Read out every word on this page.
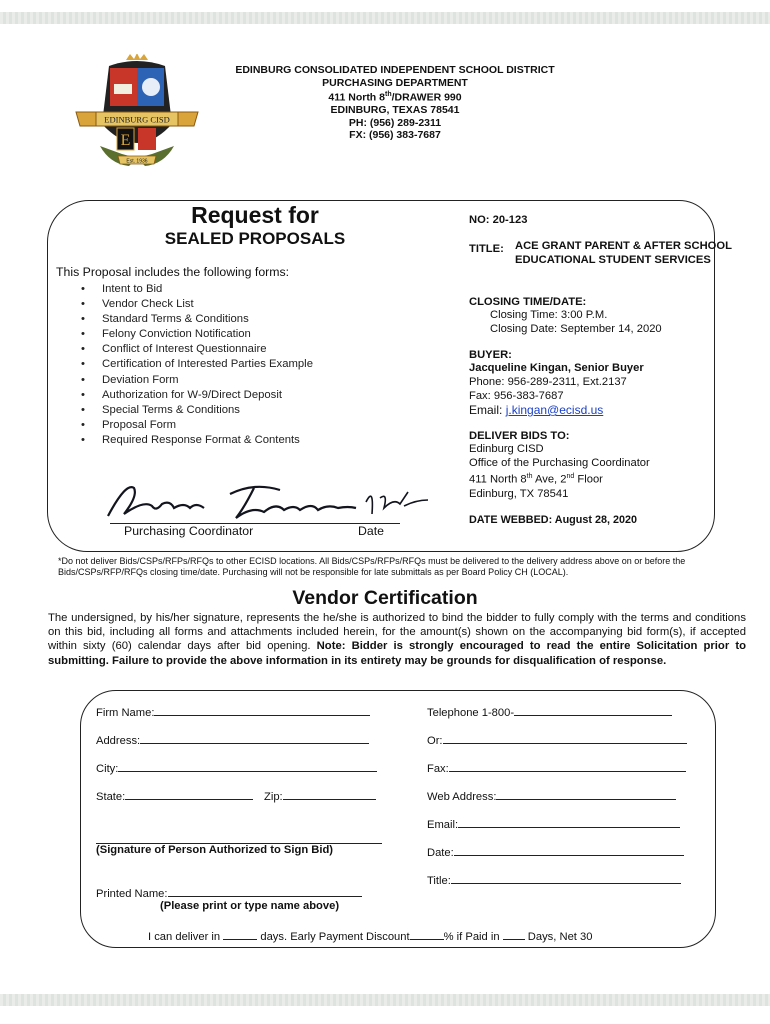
EDINBURG CISD
E
Est. 1936
EDINBURG CONSOLIDATED INDEPENDENT SCHOOL DISTRICT
PURCHASING DEPARTMENT
411 North 8th/DRAWER 990
EDINBURG, TEXAS 78541
PH: (956) 289-2311
FX: (956) 383-7687
Request for
SEALED PROPOSALS
This Proposal includes the following forms:
• Intent to Bid
• Vendor Check List
• Standard Terms & Conditions
• Felony Conviction Notification
• Conflict of Interest Questionnaire
• Certification of Interested Parties Example
• Deviation Form
• Authorization for W-9/Direct Deposit
• Special Terms & Conditions
• Proposal Form
• Required Response Format & Contents
Purchasing Coordinator	Date
NO: 20-123
TITLE: ACE GRANT PARENT & AFTER SCHOOL EDUCATIONAL STUDENT SERVICES
CLOSING TIME/DATE:
Closing Time: 3:00 P.M.
Closing Date: September 14, 2020
BUYER:
Jacqueline Kingan, Senior Buyer
Phone: 956-289-2311, Ext.2137
Fax: 956-383-7687
Email: j.kingan@ecisd.us
DELIVER BIDS TO:
Edinburg CISD
Office of the Purchasing Coordinator
411 North 8th Ave, 2nd Floor
Edinburg, TX 78541
DATE WEBBED: August 28, 2020
*Do not deliver Bids/CSPs/RFPs/RFQs to other ECISD locations. All Bids/CSPs/RFPs/RFQs must be delivered to the delivery address above on or before the Bids/CSPs/RFP/RFQs closing time/date. Purchasing will not be responsible for late submittals as per Board Policy CH (LOCAL).
Vendor Certification
The undersigned, by his/her signature, represents the he/she is authorized to bind the bidder to fully comply with the terms and conditions on this bid, including all forms and attachments included herein, for the amount(s) shown on the accompanying bid form(s), if accepted within sixty (60) calendar days after bid opening. Note: Bidder is strongly encouraged to read the entire Solicitation prior to submitting. Failure to provide the above information in its entirety may be grounds for disqualification of response.
Firm Name:
Address:
City:
State:	Zip:
(Signature of Person Authorized to Sign Bid)
Printed Name:
(Please print or type name above)
Telephone 1-800-
Or:
Fax:
Web Address:
Email:
Date:
Title:
I can deliver in	days. Early Payment Discount	% if Paid in  Days, Net 30
